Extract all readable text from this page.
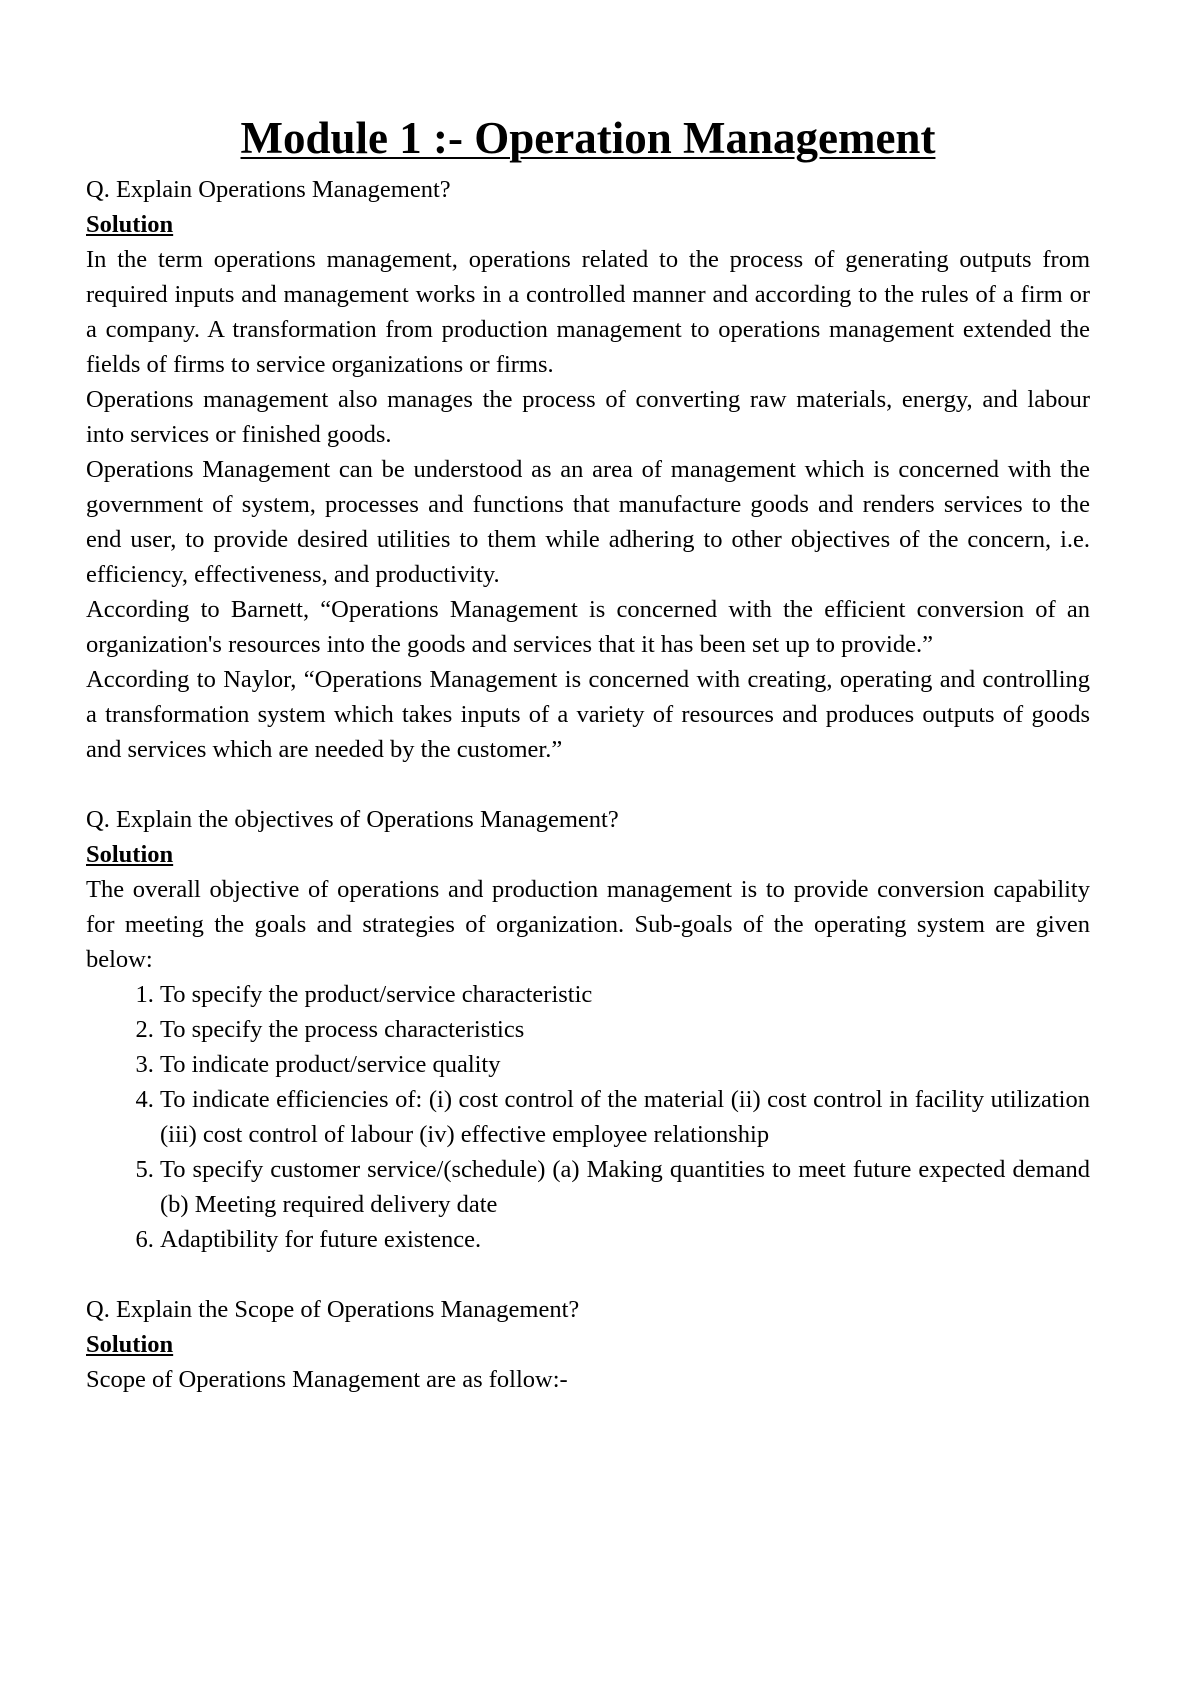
Module 1 :- Operation Management

Q. Explain Operations Management?

Solution

In the term operations management, operations related to the process of generating outputs from required inputs and management works in a controlled manner and according to the rules of a firm or a company. A transformation from production management to operations management extended the fields of firms to service organizations or firms.

Operations management also manages the process of converting raw materials, energy, and labour into services or finished goods.

Operations Management can be understood as an area of management which is concerned with the government of system, processes and functions that manufacture goods and renders services to the end user, to provide desired utilities to them while adhering to other objectives of the concern, i.e. efficiency, effectiveness, and productivity.

According to Barnett, “Operations Management is concerned with the efficient conversion of an organization's resources into the goods and services that it has been set up to provide.”

According to Naylor, “Operations Management is concerned with creating, operating and controlling a transformation system which takes inputs of a variety of resources and produces outputs of goods and services which are needed by the customer.”

Q. Explain the objectives of Operations Management?

Solution

The overall objective of operations and production management is to provide conversion capability for meeting the goals and strategies of organization. Sub-goals of the operating system are given below:

1. To specify the product/service characteristic
2. To specify the process characteristics
3. To indicate product/service quality
4. To indicate efficiencies of: (i) cost control of the material (ii) cost control in facility utilization (iii) cost control of labour (iv) effective employee relationship
5. To specify customer service/(schedule) (a) Making quantities to meet future expected demand (b) Meeting required delivery date
6. Adaptibility for future existence.

Q. Explain the Scope of Operations Management?

Solution

Scope of Operations Management are as follow:-
